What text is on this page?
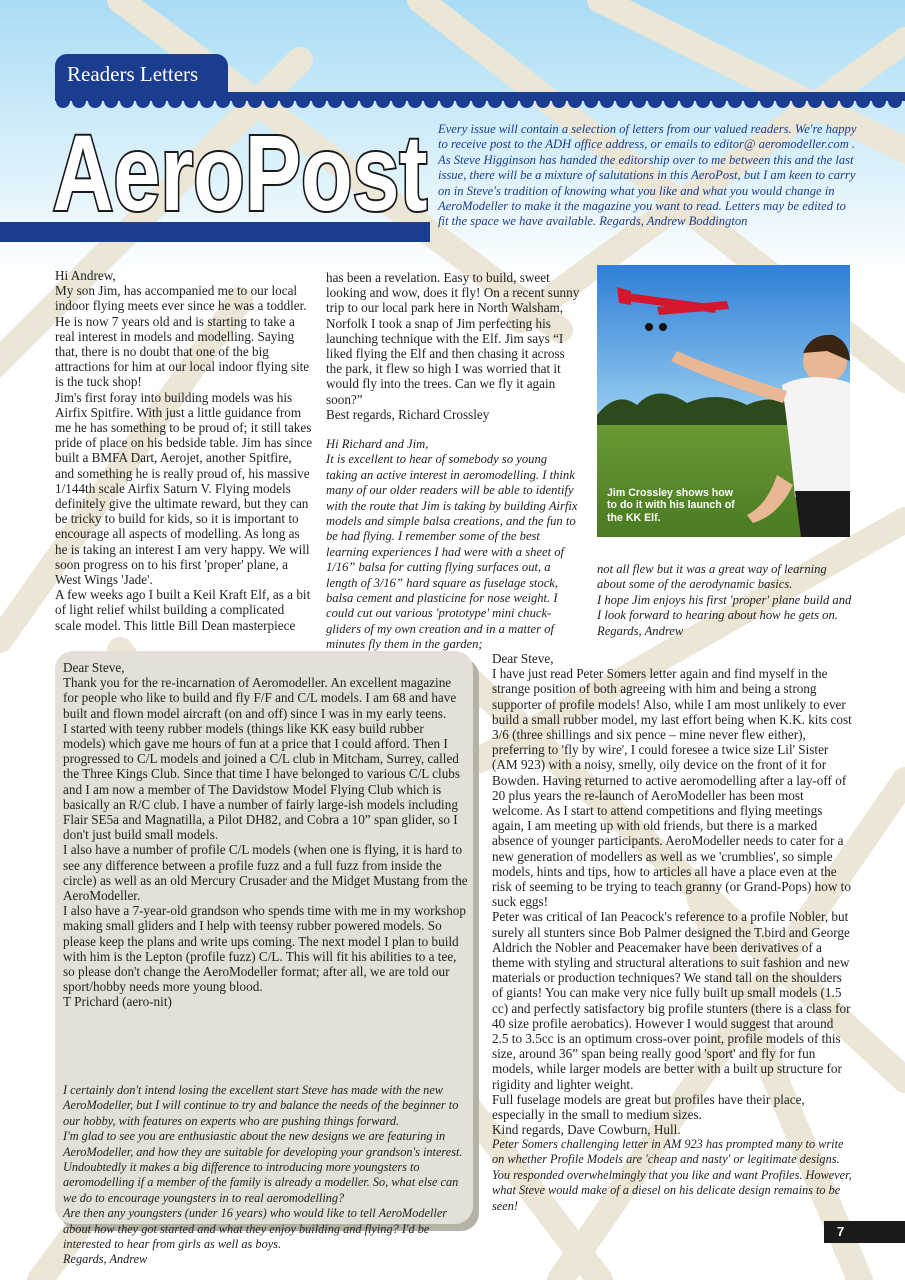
Readers Letters
AeroPost Every issue will contain a selection of letters from our valued readers. We're happy to receive post to the ADH office address, or emails to editor@ aeromodeller.com . As Steve Higginson has handed the editorship over to me between this and the last issue, there will be a mixture of salutations in this AeroPost, but I am keen to carry on in Steve's tradition of knowing what you like and what you would change in AeroModeller to make it the magazine you want to read. Letters may be edited to fit the space we have available. Regards, Andrew Boddington

Hi Andrew,

My son Jim, has accompanied me to our local indoor flying meets ever since he was a toddler. He is now 7 years old and is starting to take a real interest in models and modelling. Saying that, there is no doubt that one of the big attractions for him at our local indoor flying site is the tuck shop!

Jim's first foray into building models was his Airfix Spitfire. With just a little guidance from me he has something to be proud of; it still takes pride of place on his bedside table. Jim has since built a BMFA Dart, Aerojet, another Spitfire, and something he is really proud of, his massive 1/144th scale Airfix Saturn V. Flying models definitely give the ultimate reward, but they can be tricky to build for kids, so it is important to encourage all aspects of modelling. As long as he is taking an interest I am very happy. We will soon progress on to his first 'proper' plane, a West Wings 'Jade'.

A few weeks ago I built a Keil Kraft Elf, as a bit of light relief whilst building a complicated scale model. This little Bill Dean masterpiece

has been a revelation. Easy to build, sweet looking and wow, does it fly! On a recent sunny trip to our local park here in North Walsham, Norfolk I took a snap of Jim perfecting his launching technique with the Elf. Jim says “I liked flying the Elf and then chasing it across the park, it flew so high I was worried that it would fly into the trees. Can we fly it again soon?”

Best regards, Richard Crossley

Hi Richard and Jim,

It is excellent to hear of somebody so young taking an active interest in aeromodelling. I think many of our older readers will be able to identify with the route that Jim is taking by building Airfix models and simple balsa creations, and the fun to be had flying. I remember some of the best learning experiences I had were with a sheet of 1/16” balsa for cutting flying surfaces out, a length of 3/16” hard square as fuselage stock, balsa cement and plasticine for nose weight. I could cut out various 'prototype' mini chuck-gliders of my own creation and in a matter of minutes fly them in the garden;

Jim Crossley shows how to do it with his launch of the KK Elf.

not all flew but it was a great way of learning about some of the aerodynamic basics.

I hope Jim enjoys his first 'proper' plane build and I look forward to hearing about how he gets on.

Regards, Andrew

Dear Steve,

Thank you for the re-incarnation of Aeromodeller. An excellent magazine for people who like to build and fly F/F and C/L models. I am 68 and have built and flown model aircraft (on and off) since I was in my early teens.

I started with teeny rubber models (things like KK easy build rubber models) which gave me hours of fun at a price that I could afford. Then I progressed to C/L models and joined a C/L club in Mitcham, Surrey, called the Three Kings Club. Since that time I have belonged to various C/L clubs and I am now a member of The Davidstow Model Flying Club which is basically an R/C club. I have a number of fairly large-ish models including Flair SE5a and Magnatilla, a Pilot DH82, and Cobra a 10” span glider, so I don't just build small models.

I also have a number of profile C/L models (when one is flying, it is hard to see any difference between a profile fuzz and a full fuzz from inside the circle) as well as an old Mercury Crusader and the Midget Mustang from the AeroModeller.

I also have a 7-year-old grandson who spends time with me in my workshop making small gliders and I help with teensy rubber powered models. So please keep the plans and write ups coming. The next model I plan to build with him is the Lepton (profile fuzz) C/L. This will fit his abilities to a tee, so please don't change the AeroModeller format; after all, we are told our sport/hobby needs more young blood.

T Prichard (aero-nit)

I certainly don't intend losing the excellent start Steve has made with the new AeroModeller, but I will continue to try and balance the needs of the beginner to our hobby, with features on experts who are pushing things forward.

I'm glad to see you are enthusiastic about the new designs we are featuring in AeroModeller, and how they are suitable for developing your grandson's interest. Undoubtedly it makes a big difference to introducing more youngsters to aeromodelling if a member of the family is already a modeller. So, what else can we do to encourage youngsters in to real aeromodelling?

Are then any youngsters (under 16 years) who would like to tell AeroModeller about how they got started and what they enjoy building and flying? I'd be interested to hear from girls as well as boys.

Regards, Andrew

Dear Steve,

I have just read Peter Somers letter again and find myself in the strange position of both agreeing with him and being a strong supporter of profile models! Also, while I am most unlikely to ever build a small rubber model, my last effort being when K.K. kits cost 3/6 (three shillings and six pence – mine never flew either), preferring to 'fly by wire', I could foresee a twice size Lil' Sister (AM 923) with a noisy, smelly, oily device on the front of it for Bowden. Having returned to active aeromodelling after a lay-off of 20 plus years the re-launch of AeroModeller has been most welcome. As I start to attend competitions and flying meetings again, I am meeting up with old friends, but there is a marked absence of younger participants. AeroModeller needs to cater for a new generation of modellers as well as we 'crumblies', so simple models, hints and tips, how to articles all have a place even at the risk of seeming to be trying to teach granny (or Grand-Pops) how to suck eggs!

Peter was critical of Ian Peacock's reference to a profile Nobler, but surely all stunters since Bob Palmer designed the T.bird and George Aldrich the Nobler and Peacemaker have been derivatives of a theme with styling and structural alterations to suit fashion and new materials or production techniques? We stand tall on the shoulders of giants! You can make very nice fully built up small models (1.5 cc) and perfectly satisfactory big profile stunters (there is a class for 40 size profile aerobatics). However I would suggest that around 2.5 to 3.5cc is an optimum cross-over point, profile models of this size, around 36” span being really good 'sport' and fly for fun models, while larger models are better with a built up structure for rigidity and lighter weight.

Full fuselage models are great but profiles have their place, especially in the small to medium sizes.

Kind regards, Dave Cowburn, Hull.

Peter Somers challenging letter in AM 923 has prompted many to write on whether Profile Models are 'cheap and nasty' or legitimate designs. You responded overwhelmingly that you like and want Profiles. However, what Steve would make of a diesel on his delicate design remains to be seen!
7
